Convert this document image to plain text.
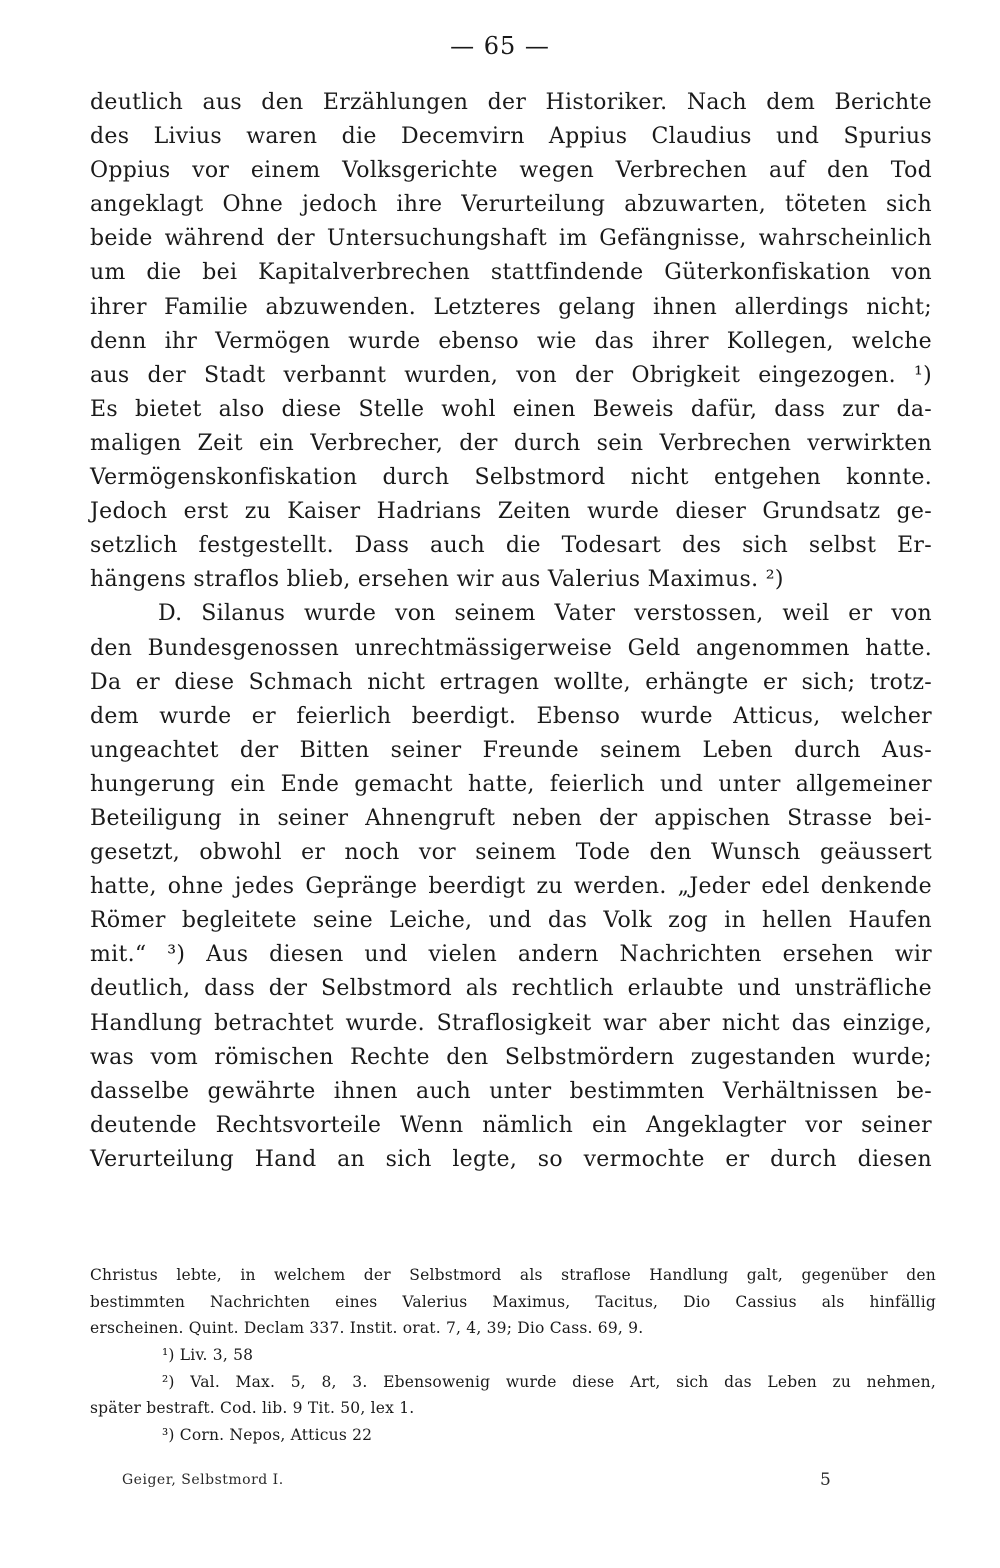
— 65 —
deutlich aus den Erzählungen der Historiker. Nach dem Berichte
des Livius waren die Decemvirn Appius Claudius und Spurius
Oppius vor einem Volksgerichte wegen Verbrechen auf den Tod
angeklagt Ohne jedoch ihre Verurteilung abzuwarten, töteten sich
beide während der Untersuchungshaft im Gefängnisse, wahrscheinlich
um die bei Kapitalverbrechen stattfindende Güterkonfiskation von
ihrer Familie abzuwenden. Letzteres gelang ihnen allerdings nicht;
denn ihr Vermögen wurde ebenso wie das ihrer Kollegen, welche
aus der Stadt verbannt wurden, von der Obrigkeit eingezogen. ¹)
Es bietet also diese Stelle wohl einen Beweis dafür, dass zur da-
maligen Zeit ein Verbrecher, der durch sein Verbrechen verwirkten
Vermögenskonfiskation durch Selbstmord nicht entgehen konnte.
Jedoch erst zu Kaiser Hadrians Zeiten wurde dieser Grundsatz ge-
setzlich festgestellt. Dass auch die Todesart des sich selbst Er-
hängens straflos blieb, ersehen wir aus Valerius Maximus. ²)
D. Silanus wurde von seinem Vater verstossen, weil er von
den Bundesgenossen unrechtmässigerweise Geld angenommen hatte.
Da er diese Schmach nicht ertragen wollte, erhängte er sich; trotz-
dem wurde er feierlich beerdigt. Ebenso wurde Atticus, welcher
ungeachtet der Bitten seiner Freunde seinem Leben durch Aus-
hungerung ein Ende gemacht hatte, feierlich und unter allgemeiner
Beteiligung in seiner Ahnengruft neben der appischen Strasse bei-
gesetzt, obwohl er noch vor seinem Tode den Wunsch geäussert
hatte, ohne jedes Gepränge beerdigt zu werden. „Jeder edel denkende
Römer begleitete seine Leiche, und das Volk zog in hellen Haufen
mit.“ ³) Aus diesen und vielen andern Nachrichten ersehen wir
deutlich, dass der Selbstmord als rechtlich erlaubte und unsträfliche
Handlung betrachtet wurde. Straflosigkeit war aber nicht das einzige,
was vom römischen Rechte den Selbstmördern zugestanden wurde;
dasselbe gewährte ihnen auch unter bestimmten Verhältnissen be-
deutende Rechtsvorteile Wenn nämlich ein Angeklagter vor seiner
Verurteilung Hand an sich legte, so vermochte er durch diesen
Christus lebte, in welchem der Selbstmord als straflose Handlung galt, gegenüber den
bestimmten Nachrichten eines Valerius Maximus, Tacitus, Dio Cassius als hinfällig
erscheinen. Quint. Declam 337. Instit. orat. 7, 4, 39; Dio Cass. 69, 9.
¹) Liv. 3, 58
²) Val. Max. 5, 8, 3. Ebensowenig wurde diese Art, sich das Leben zu nehmen,
später bestraft. Cod. lib. 9 Tit. 50, lex 1.
³) Corn. Nepos, Atticus 22
Geiger, Selbstmord I.	5
